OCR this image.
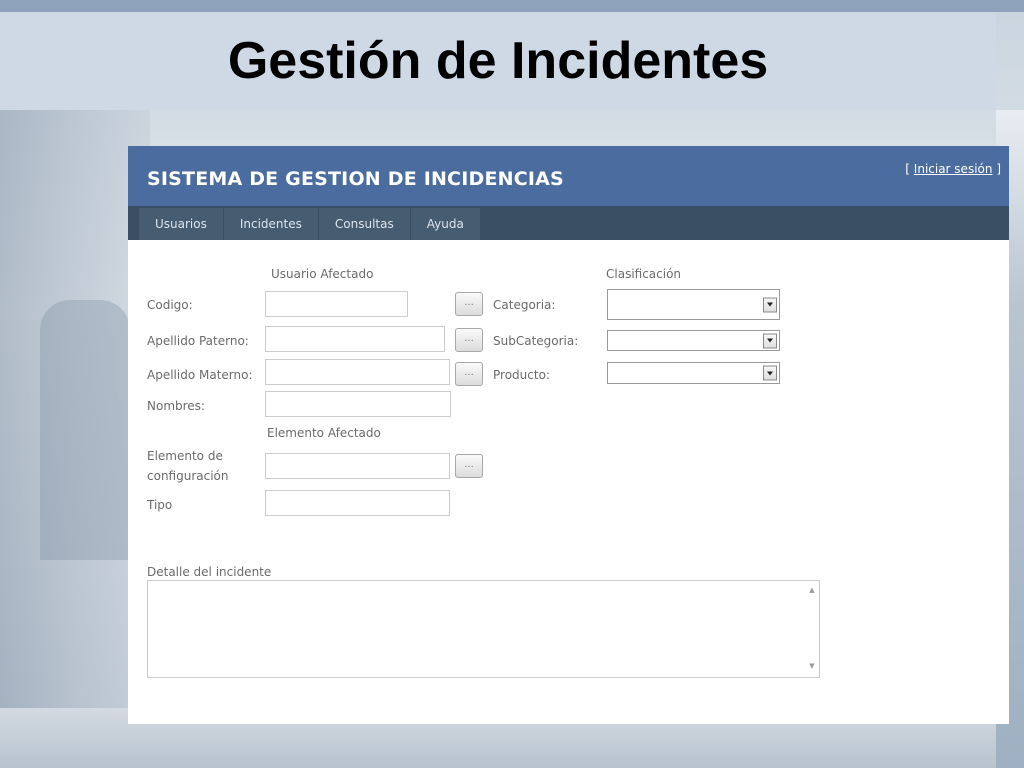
Gestión de Incidentes
SISTEMA DE GESTION DE INCIDENCIAS	[ Iniciar sesión ]
Usuarios	Incidentes	Consultas	Ayuda
Usuario Afectado	Clasificación
Codigo:	...	Categoria:
Apellido Paterno:	...	SubCategoria:
Apellido Materno:	...	Producto:
Nombres:
Elemento Afectado
Elemento de
configuración
...
Tipo
Detalle del incidente
▲
▼
